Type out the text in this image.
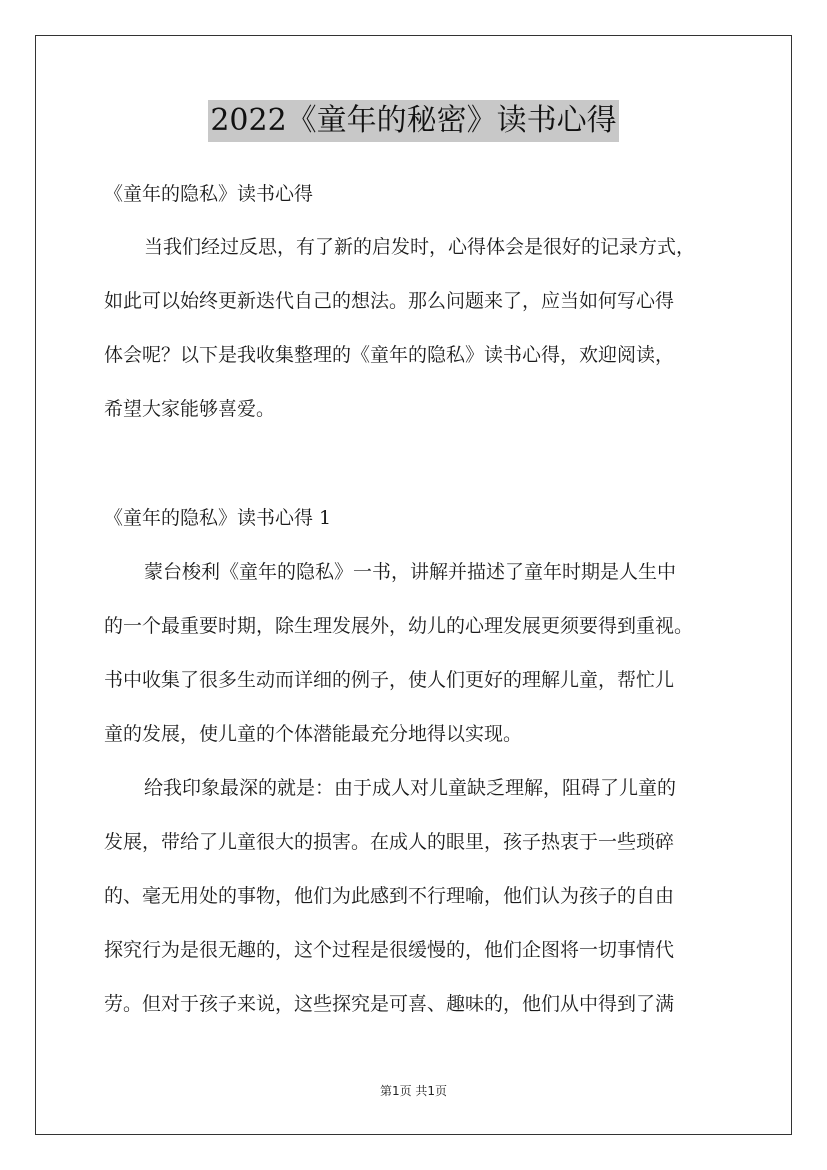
2022《童年的秘密》读书心得
《童年的隐私》读书心得
当我们经过反思，有了新的启发时，心得体会是很好的记录方式，
如此可以始终更新迭代自己的想法。那么问题来了，应当如何写心得
体会呢？以下是我收集整理的《童年的隐私》读书心得，欢迎阅读，
希望大家能够喜爱。
《童年的隐私》读书心得 1
蒙台梭利《童年的隐私》一书，讲解并描述了童年时期是人生中
的一个最重要时期，除生理发展外，幼儿的心理发展更须要得到重视。
书中收集了很多生动而详细的例子，使人们更好的理解儿童，帮忙儿
童的发展，使儿童的个体潜能最充分地得以实现。
给我印象最深的就是：由于成人对儿童缺乏理解，阻碍了儿童的
发展，带给了儿童很大的损害。在成人的眼里，孩子热衷于一些琐碎
的、毫无用处的事物，他们为此感到不行理喻，他们认为孩子的自由
探究行为是很无趣的，这个过程是很缓慢的，他们企图将一切事情代
劳。但对于孩子来说，这些探究是可喜、趣味的，他们从中得到了满
第1页 共1页
